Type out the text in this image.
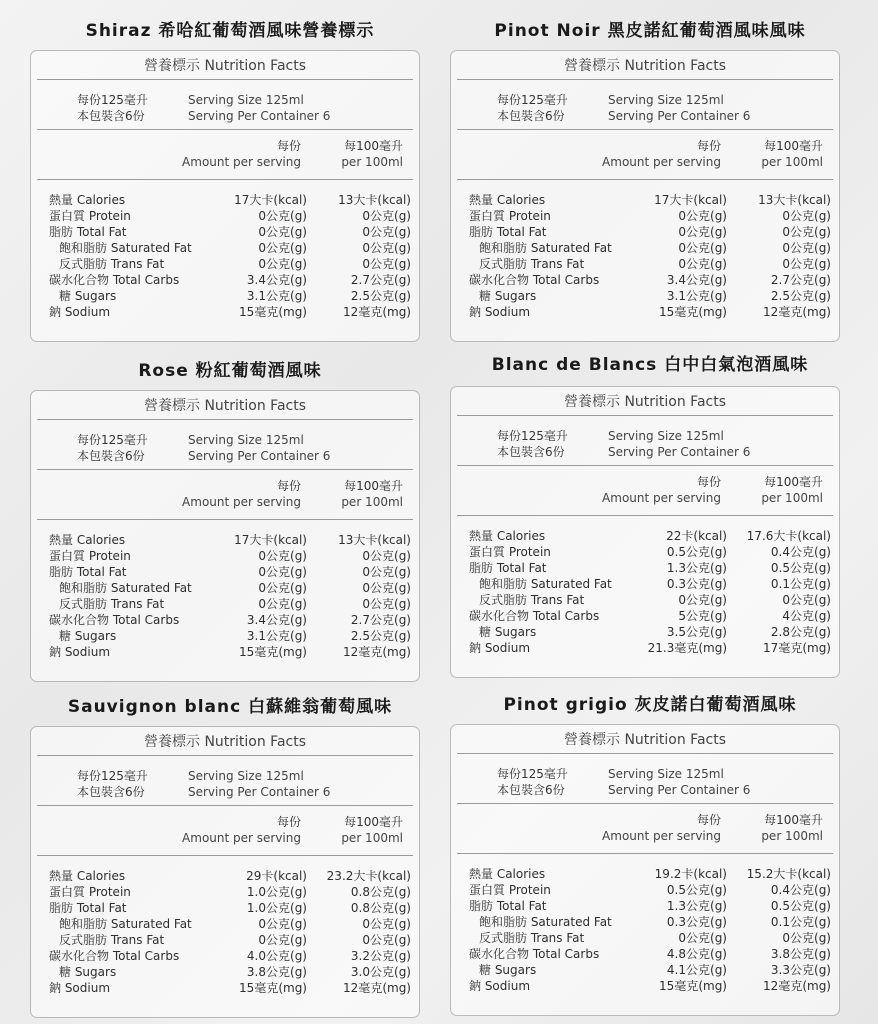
Shiraz 希哈紅葡萄酒風味營養標示
營養標示 Nutrition Facts
每份125毫升
本包裝含6份
Serving Size 125ml
Serving Per Container 6
每份
Amount per serving
每100毫升
per 100ml
熱量 Calories	17大卡(kcal)	13大卡(kcal)
蛋白質 Protein	0公克(g)	0公克(g)
脂肪 Total Fat	0公克(g)	0公克(g)
飽和脂肪 Saturated Fat	0公克(g)	0公克(g)
反式脂肪 Trans Fat	0公克(g)	0公克(g)
碳水化合物 Total Carbs	3.4公克(g)	2.7公克(g)
糖 Sugars	3.1公克(g)	2.5公克(g)
鈉 Sodium	15毫克(mg)	12毫克(mg)
Pinot Noir 黑皮諾紅葡萄酒風味風味
營養標示 Nutrition Facts
每份125毫升
本包裝含6份
Serving Size 125ml
Serving Per Container 6
每份
Amount per serving
每100毫升
per 100ml
熱量 Calories	17大卡(kcal)	13大卡(kcal)
蛋白質 Protein	0公克(g)	0公克(g)
脂肪 Total Fat	0公克(g)	0公克(g)
飽和脂肪 Saturated Fat	0公克(g)	0公克(g)
反式脂肪 Trans Fat	0公克(g)	0公克(g)
碳水化合物 Total Carbs	3.4公克(g)	2.7公克(g)
糖 Sugars	3.1公克(g)	2.5公克(g)
鈉 Sodium	15毫克(mg)	12毫克(mg)
Rose 粉紅葡萄酒風味
營養標示 Nutrition Facts
每份125毫升
本包裝含6份
Serving Size 125ml
Serving Per Container 6
每份
Amount per serving
每100毫升
per 100ml
熱量 Calories	17大卡(kcal)	13大卡(kcal)
蛋白質 Protein	0公克(g)	0公克(g)
脂肪 Total Fat	0公克(g)	0公克(g)
飽和脂肪 Saturated Fat	0公克(g)	0公克(g)
反式脂肪 Trans Fat	0公克(g)	0公克(g)
碳水化合物 Total Carbs	3.4公克(g)	2.7公克(g)
糖 Sugars	3.1公克(g)	2.5公克(g)
鈉 Sodium	15毫克(mg)	12毫克(mg)
Blanc de Blancs 白中白氣泡酒風味
營養標示 Nutrition Facts
每份125毫升
本包裝含6份
Serving Size 125ml
Serving Per Container 6
每份
Amount per serving
每100毫升
per 100ml
熱量 Calories	22卡(kcal) 17.6大卡(kcal)
蛋白質 Protein	0.5公克(g)	0.4公克(g)
脂肪 Total Fat	1.3公克(g)	0.5公克(g)
飽和脂肪 Saturated Fat	0.3公克(g)	0.1公克(g)
反式脂肪 Trans Fat	0公克(g)	0公克(g)
碳水化合物 Total Carbs	5公克(g)	4公克(g)
糖 Sugars	3.5公克(g)	2.8公克(g)
鈉 Sodium	21.3毫克(mg)	17毫克(mg)
Sauvignon blanc 白蘇維翁葡萄風味
營養標示 Nutrition Facts
每份125毫升
本包裝含6份
Serving Size 125ml
Serving Per Container 6
每份
Amount per serving
每100毫升
per 100ml
熱量 Calories	29卡(kcal) 23.2大卡(kcal)
蛋白質 Protein	1.0公克(g)	0.8公克(g)
脂肪 Total Fat	1.0公克(g)	0.8公克(g)
飽和脂肪 Saturated Fat	0公克(g)	0公克(g)
反式脂肪 Trans Fat	0公克(g)	0公克(g)
碳水化合物 Total Carbs	4.0公克(g)	3.2公克(g)
糖 Sugars	3.8公克(g)	3.0公克(g)
鈉 Sodium	15毫克(mg)	12毫克(mg)
Pinot grigio 灰皮諾白葡萄酒風味
營養標示 Nutrition Facts
每份125毫升
本包裝含6份
Serving Size 125ml
Serving Per Container 6
每份
Amount per serving
每100毫升
per 100ml
熱量 Calories	19.2卡(kcal) 15.2大卡(kcal)
蛋白質 Protein	0.5公克(g)	0.4公克(g)
脂肪 Total Fat	1.3公克(g)	0.5公克(g)
飽和脂肪 Saturated Fat	0.3公克(g)	0.1公克(g)
反式脂肪 Trans Fat	0公克(g)	0公克(g)
碳水化合物 Total Carbs	4.8公克(g)	3.8公克(g)
糖 Sugars	4.1公克(g)	3.3公克(g)
鈉 Sodium	15毫克(mg)	12毫克(mg)
